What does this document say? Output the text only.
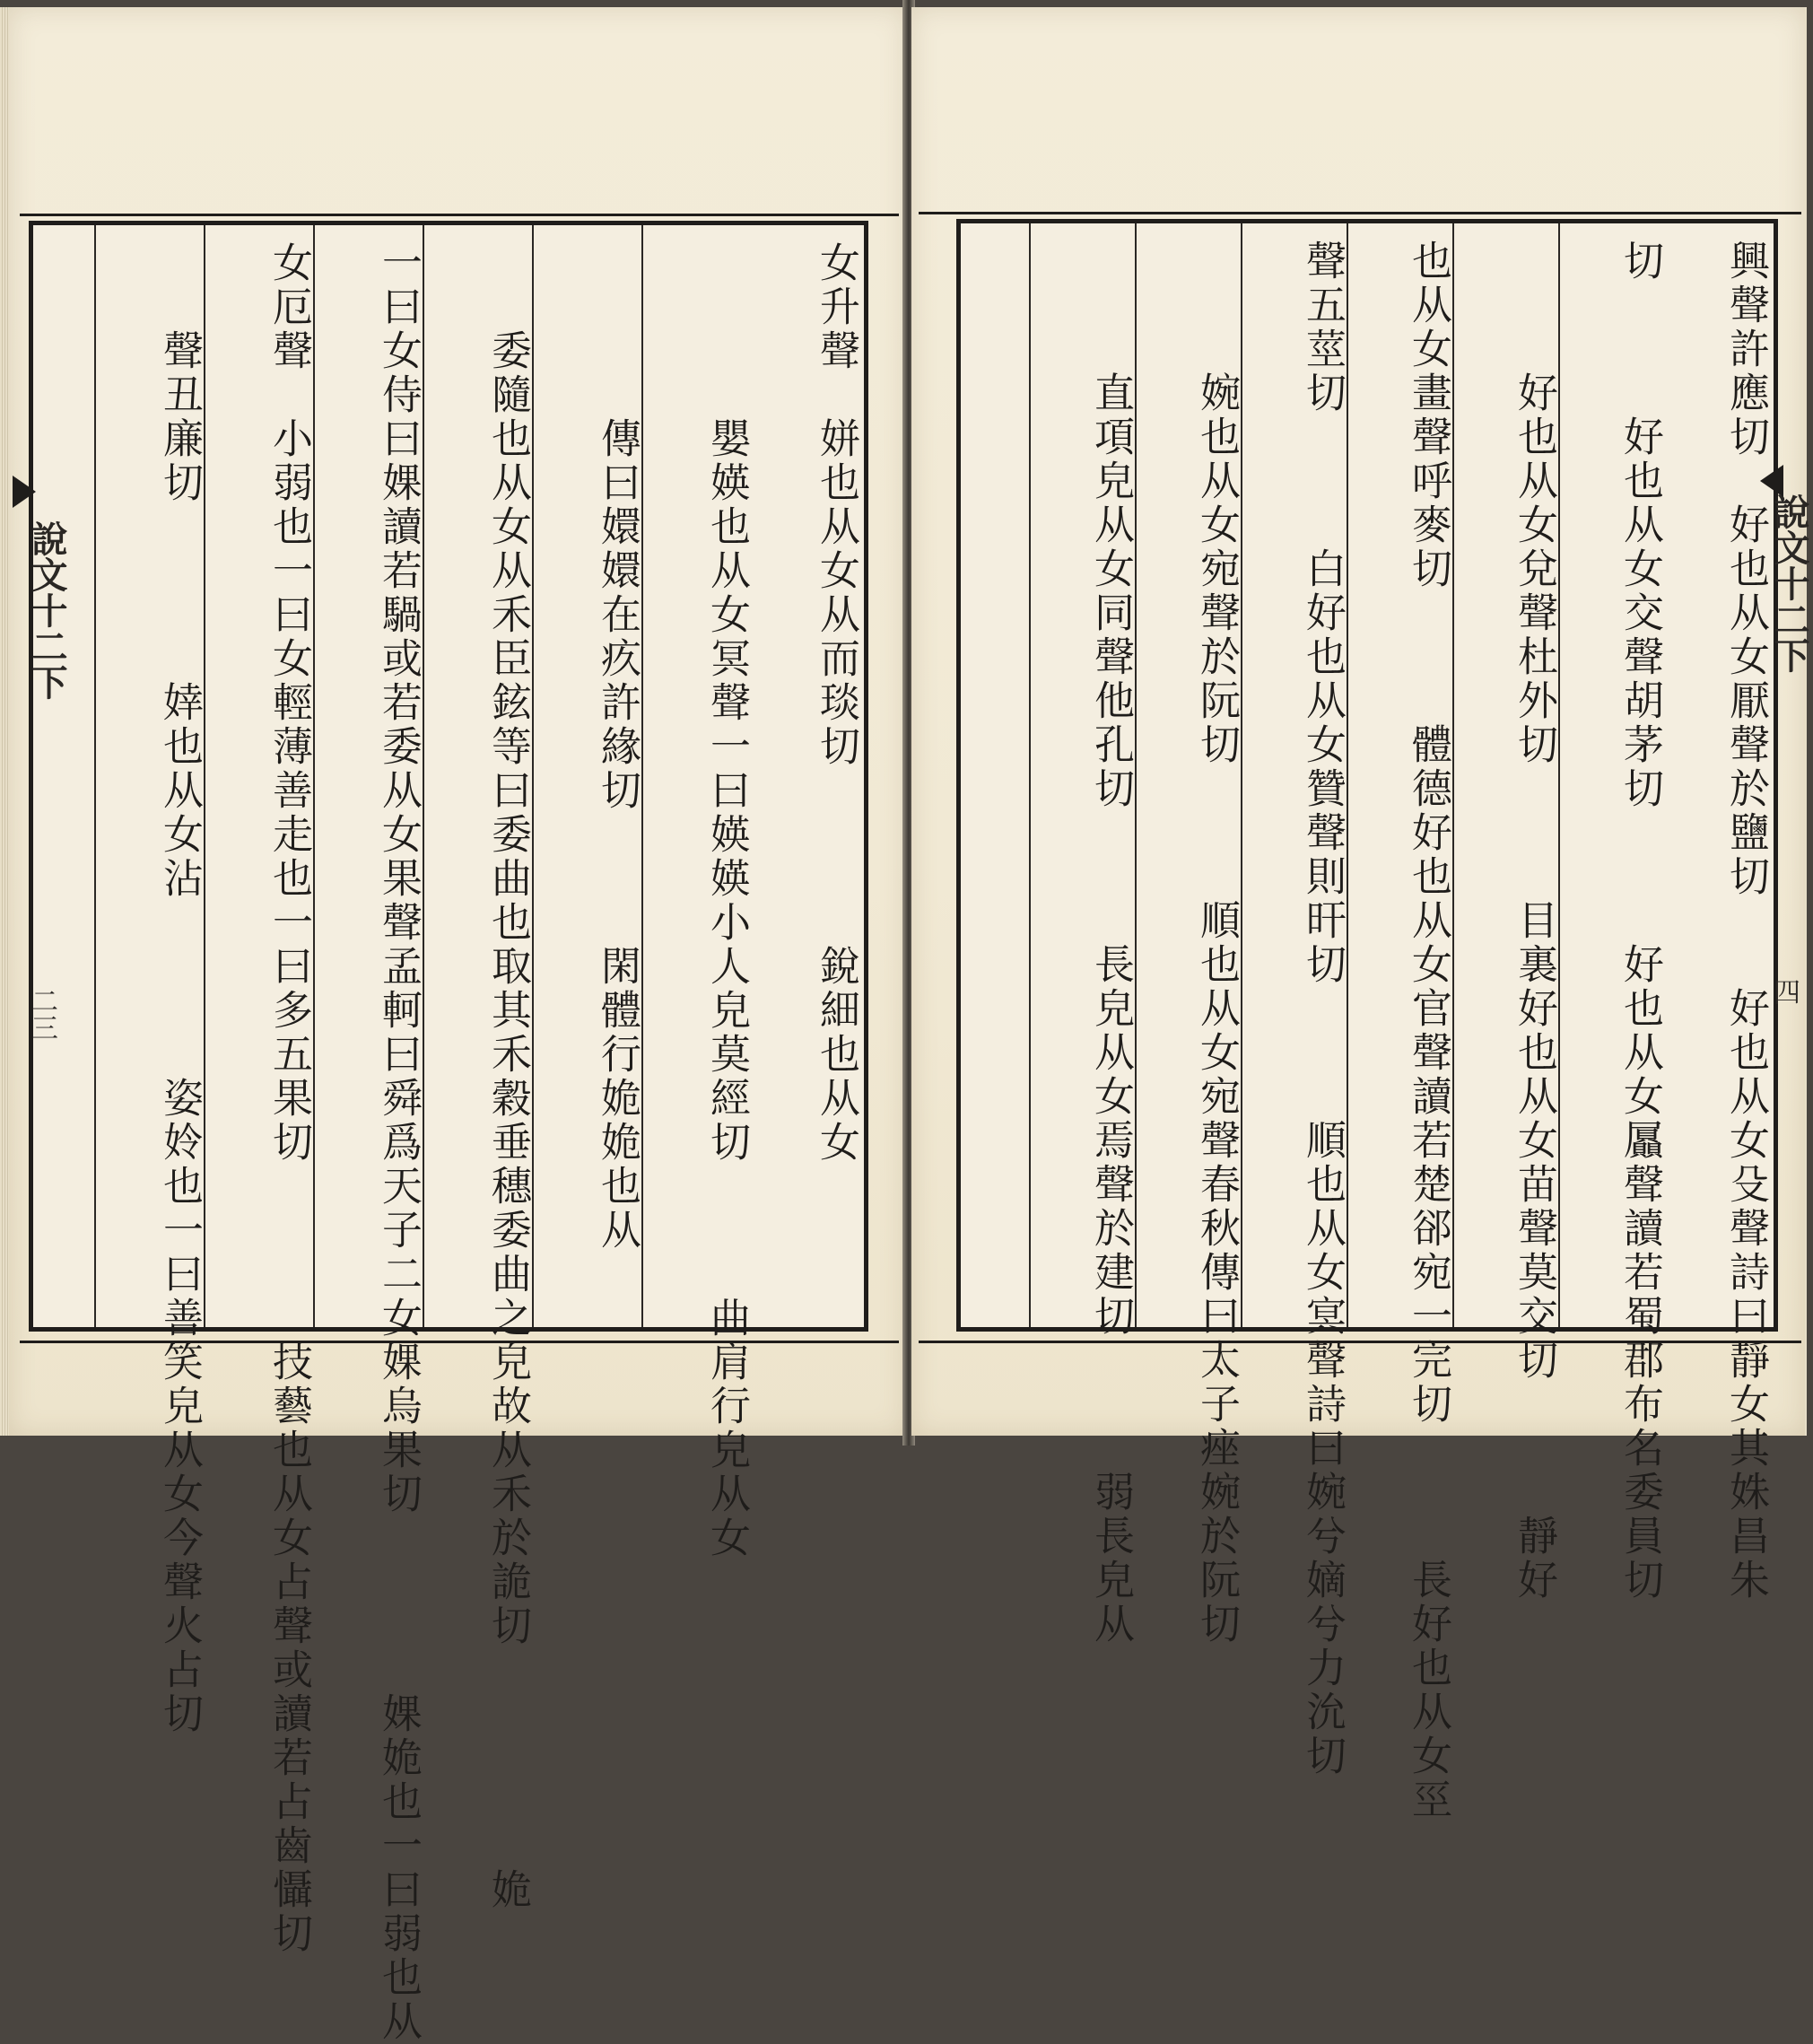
女升聲　姘也从女从而琰切　　　　銳細也从女
　　　　嬰媖也从女冥聲一曰媖媖小人皃莫經切　　　曲肩行皃从女
　　　　傳曰嬛嬛在疚許緣切　　　閑體行姽姽也从
　　委隨也从女从禾臣鉉等曰委曲也取其禾穀垂穗委曲之皃故从禾於詭切　　　　　姽
一曰女侍曰婐讀若騧或若委从女果聲孟軻曰舜爲天子二女婐烏果切　　　　婐姽也一曰弱也从
女厄聲　小弱也一曰女輕薄善走也一曰多五果切　　　　技藝也从女占聲或讀若占齒懾切
　　聲丑廉切　　　　婞也从女沾　　　　姿姈也一曰善笑皃从女今聲火占切
說文十二下
二三	興聲許應切　好也从女厭聲於鹽切　　好也从女殳聲詩曰靜女其姝昌朱
切　　　好也从女交聲胡茅切　　　好也从女屭聲讀若蜀郡布名委員切
　　　好也从女兌聲杜外切　　　目裏好也从女苗聲莫交切　　　靜好
也从女畫聲呼麥切　　　體德好也从女官聲讀若楚郤宛一完切　　　長好也从女巠
聲五莖切　　　白好也从女贊聲則旰切　　　順也从女㝠聲詩曰婉兮嫡兮力沇切
　　　婉也从女宛聲於阮切　　　順也从女宛聲春秋傳曰太子痤婉於阮切
　　　直項皃从女同聲他孔切　　　長皃从女焉聲於建切　　　弱長皃从	說文十二下
四
